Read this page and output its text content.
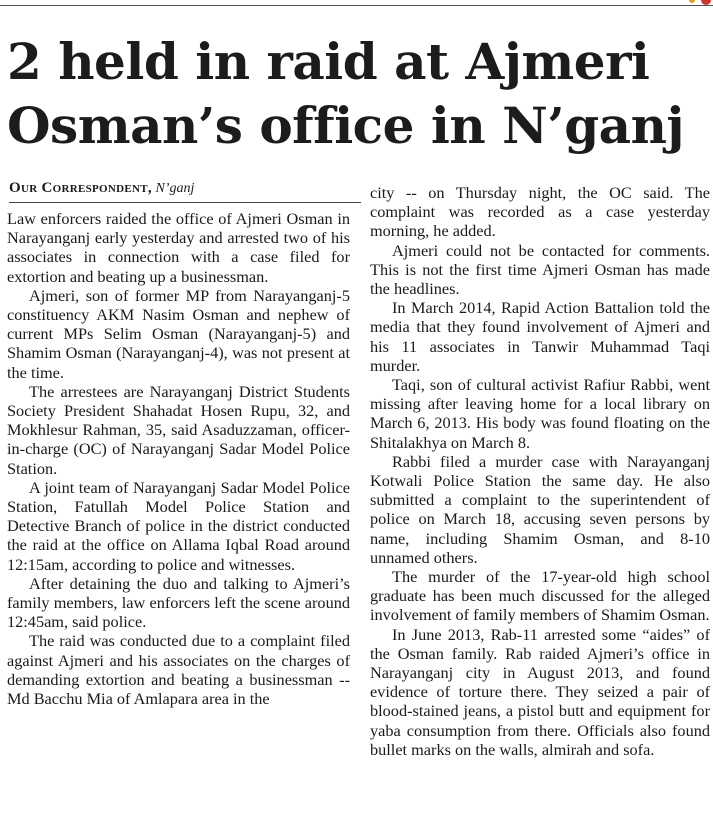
2 held in raid at Ajmeri Osman’s office in N’ganj
Our Correspondent, N’ganj

Law enforcers raided the office of Ajmeri Osman in Narayanganj early yesterday and arrested two of his associates in connection with a case filed for extortion and beating up a businessman.

Ajmeri, son of former MP from Narayanganj-5 constituency AKM Nasim Osman and nephew of current MPs Selim Osman (Narayanganj-5) and Shamim Osman (Narayanganj-4), was not present at the time.

The arrestees are Narayanganj District Students Society President Shahadat Hosen Rupu, 32, and Mokhlesur Rahman, 35, said Asaduzzaman, officer-in-charge (OC) of Narayanganj Sadar Model Police Station.

A joint team of Narayanganj Sadar Model Police Station, Fatullah Model Police Station and Detective Branch of police in the district conducted the raid at the office on Allama Iqbal Road around 12:15am, according to police and witnesses.

After detaining the duo and talking to Ajmeri’s family members, law enforcers left the scene around 12:45am, said police.

The raid was conducted due to a complaint filed against Ajmeri and his associates on the charges of demanding extortion and beating a businessman -- Md Bacchu Mia of Amlapara area in the

city -- on Thursday night, the OC said. The complaint was recorded as a case yesterday morning, he added.

Ajmeri could not be contacted for comments. This is not the first time Ajmeri Osman has made the headlines.

In March 2014, Rapid Action Battalion told the media that they found involvement of Ajmeri and his 11 associates in Tanwir Muhammad Taqi murder.

Taqi, son of cultural activist Rafiur Rabbi, went missing after leaving home for a local library on March 6, 2013. His body was found floating on the Shitalakhya on March 8.

Rabbi filed a murder case with Narayanganj Kotwali Police Station the same day. He also submitted a complaint to the superintendent of police on March 18, accusing seven persons by name, including Shamim Osman, and 8-10 unnamed others.

The murder of the 17-year-old high school graduate has been much discussed for the alleged involvement of family members of Shamim Osman.

In June 2013, Rab-11 arrested some “aides” of the Osman family. Rab raided Ajmeri’s office in Narayanganj city in August 2013, and found evidence of torture there. They seized a pair of blood-stained jeans, a pistol butt and equipment for yaba consumption from there. Officials also found bullet marks on the walls, almirah and sofa.
